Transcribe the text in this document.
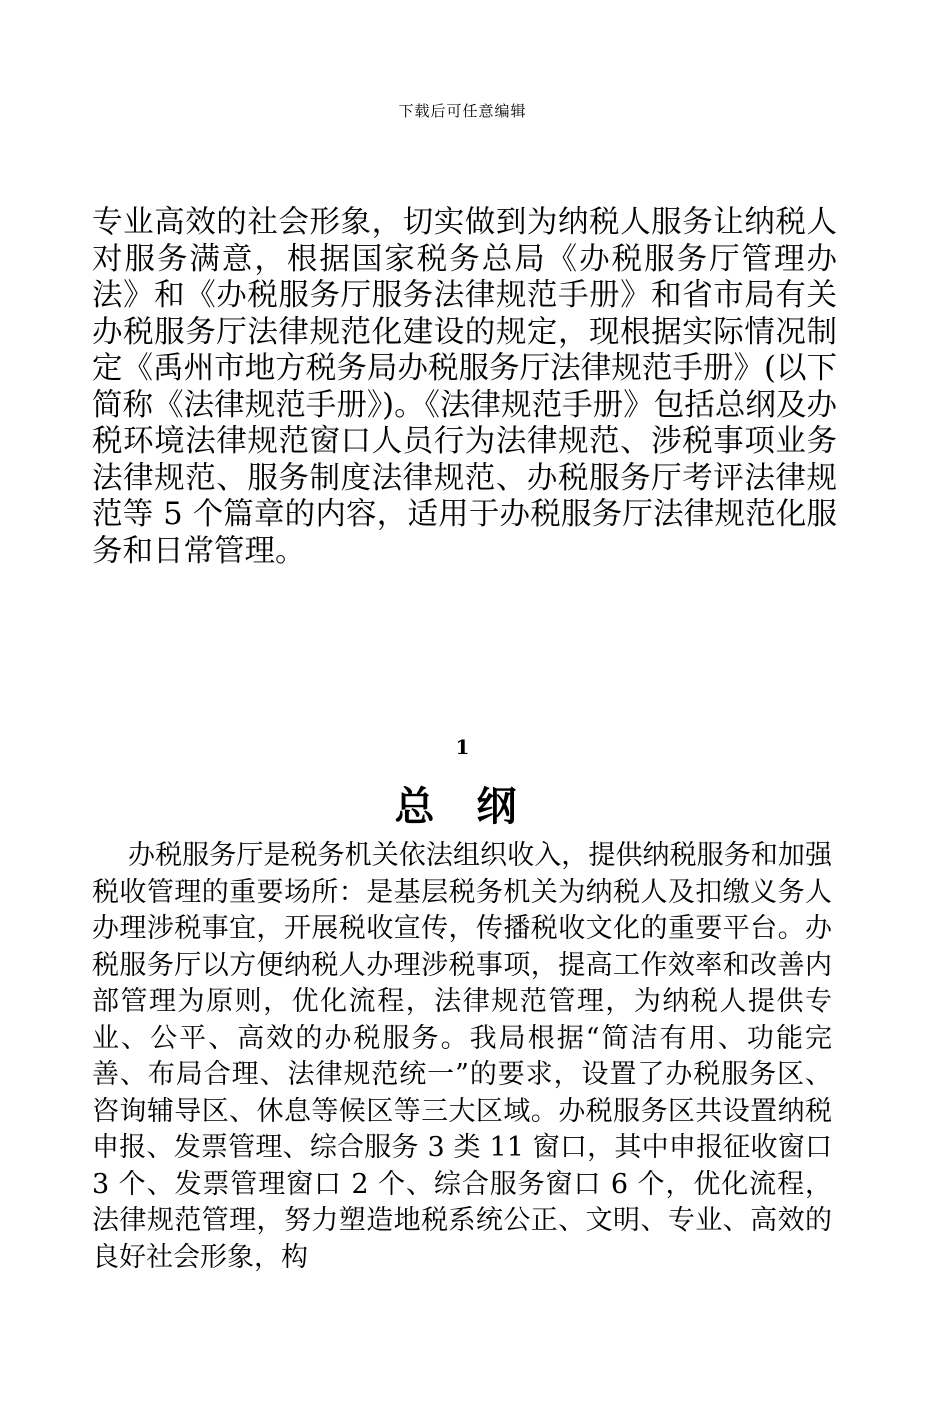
下载后可任意编辑

专业高效的社会形象，切实做到为纳税人服务让纳税人对服务满意，根据国家税务总局《办税服务厅管理办法》和《办税服务厅服务法律规范手册》和省市局有关办税服务厅法律规范化建设的规定，现根据实际情况制定《禹州市地方税务局办税服务厅法律规范手册》(以下简称《法律规范手册》)。《法律规范手册》包括总纲及办税环境法律规范窗口人员行为法律规范、涉税事项业务法律规范、服务制度法律规范、办税服务厅考评法律规范等 5 个篇章的内容，适用于办税服务厅法律规范化服务和日常管理。

1
总 纲

办税服务厅是税务机关依法组织收入，提供纳税服务和加强税收管理的重要场所：是基层税务机关为纳税人及扣缴义务人办理涉税事宜，开展税收宣传，传播税收文化的重要平台。办税服务厅以方便纳税人办理涉税事项，提高工作效率和改善内部管理为原则，优化流程，法律规范管理，为纳税人提供专业、公平、高效的办税服务。我局根据“简洁有用、功能完善、布局合理、法律规范统一”的要求，设置了办税服务区、咨询辅导区、休息等候区等三大区域。办税服务区共设置纳税申报、发票管理、综合服务 3 类 11 窗口，其中申报征收窗口 3 个、发票管理窗口 2 个、综合服务窗口 6 个，优化流程，法律规范管理，努力塑造地税系统公正、文明、专业、高效的良好社会形象，构
